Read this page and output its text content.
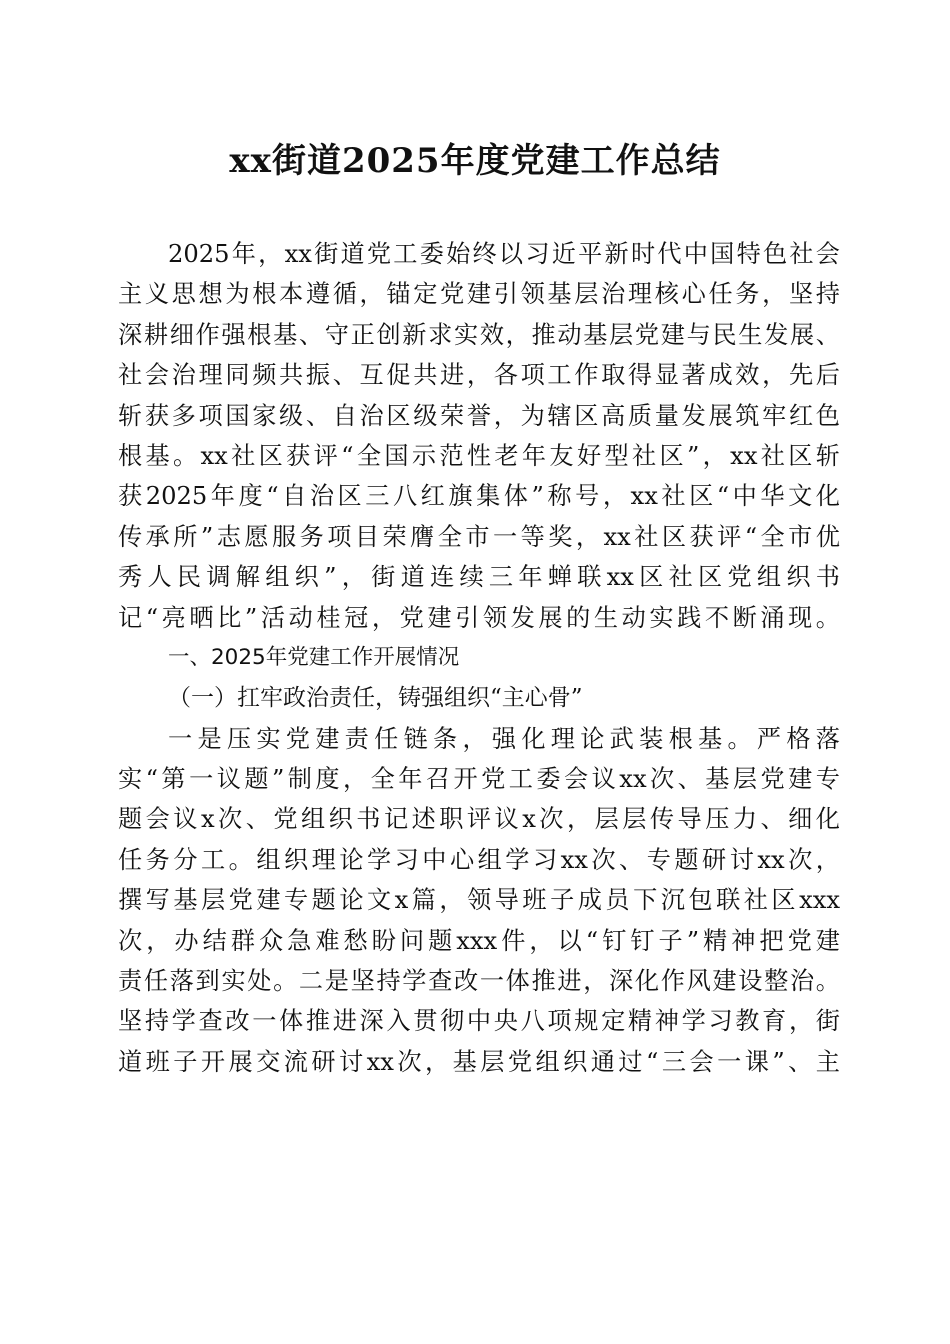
xx街道2025年度党建工作总结
2025年，xx街道党工委始终以习近平新时代中国特色社会
主义思想为根本遵循，锚定党建引领基层治理核心任务，坚持
深耕细作强根基、守正创新求实效，推动基层党建与民生发展、
社会治理同频共振、互促共进，各项工作取得显著成效，先后
斩获多项国家级、自治区级荣誉，为辖区高质量发展筑牢红色
根基。xx社区获评“全国示范性老年友好型社区”，xx社区斩
获2025年度“自治区三八红旗集体”称号，xx社区“中华文化
传承所”志愿服务项目荣膺全市一等奖，xx社区获评“全市优
秀人民调解组织”，街道连续三年蝉联xx区社区党组织书
记“亮晒比”活动桂冠，党建引领发展的生动实践不断涌现。
一、2025年党建工作开展情况
（一）扛牢政治责任，铸强组织“主心骨”
一是压实党建责任链条，强化理论武装根基。严格落
实“第一议题”制度，全年召开党工委会议xx次、基层党建专
题会议x次、党组织书记述职评议x次，层层传导压力、细化
任务分工。组织理论学习中心组学习xx次、专题研讨xx次，
撰写基层党建专题论文x篇，领导班子成员下沉包联社区xxx
次，办结群众急难愁盼问题xxx件，以“钉钉子”精神把党建
责任落到实处。二是坚持学查改一体推进，深化作风建设整治。
坚持学查改一体推进深入贯彻中央八项规定精神学习教育，街
道班子开展交流研讨xx次，基层党组织通过“三会一课”、主
